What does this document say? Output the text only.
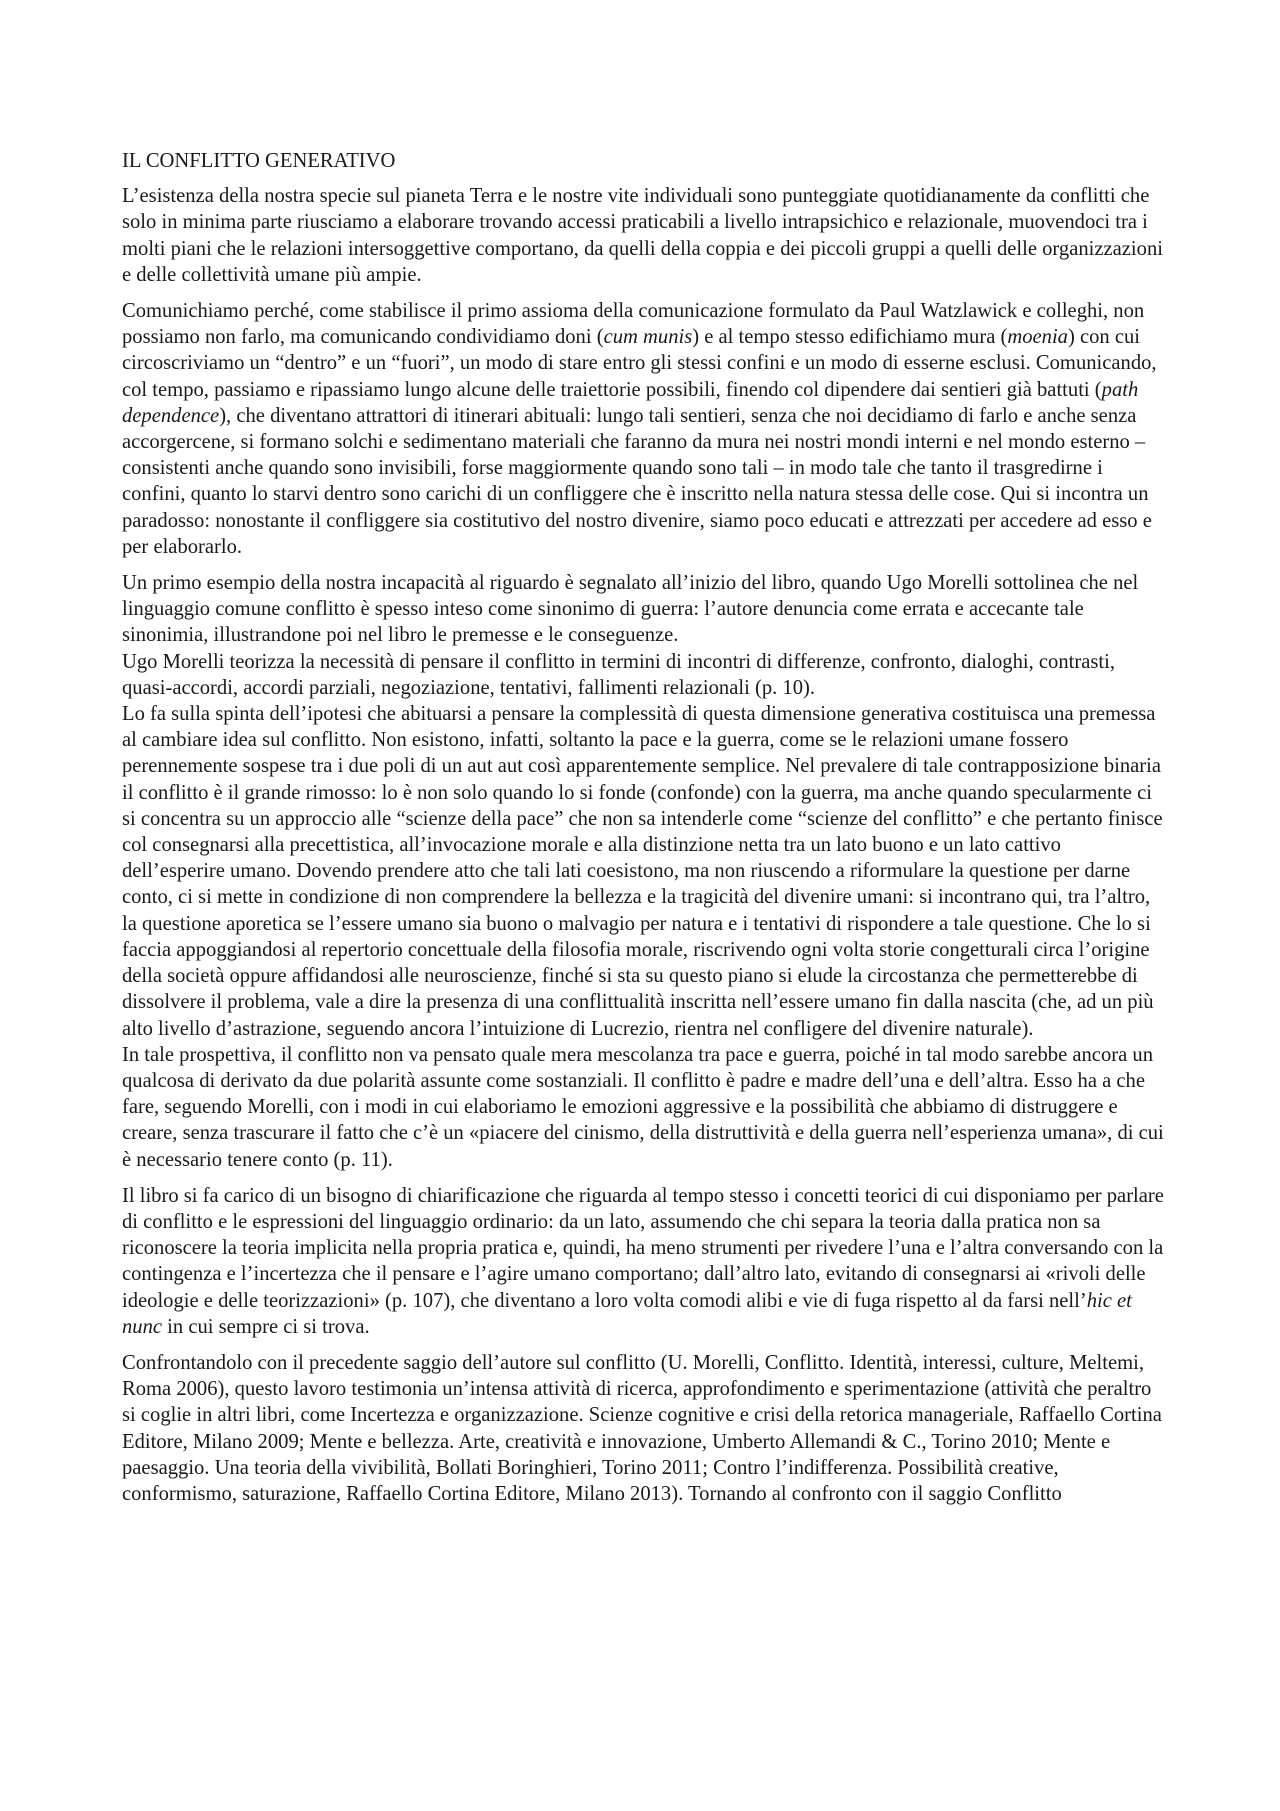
IL CONFLITTO GENERATIVO

L’esistenza della nostra specie sul pianeta Terra e le nostre vite individuali sono punteggiate quotidianamente da conflitti che solo in minima parte riusciamo a elaborare trovando accessi praticabili a livello intrapsichico e relazionale, muovendoci tra i molti piani che le relazioni intersoggettive comportano, da quelli della coppia e dei piccoli gruppi a quelli delle organizzazioni e delle collettività umane più ampie.

Comunichiamo perché, come stabilisce il primo assioma della comunicazione formulato da Paul Watzlawick e colleghi, non possiamo non farlo, ma comunicando condividiamo doni (cum munis) e al tempo stesso edifichiamo mura (moenia) con cui circoscriviamo un “dentro” e un “fuori”, un modo di stare entro gli stessi confini e un modo di esserne esclusi. Comunicando, col tempo, passiamo e ripassiamo lungo alcune delle traiettorie possibili, finendo col dipendere dai sentieri già battuti (path dependence), che diventano attrattori di itinerari abituali: lungo tali sentieri, senza che noi decidiamo di farlo e anche senza accorgercene, si formano solchi e sedimentano materiali che faranno da mura nei nostri mondi interni e nel mondo esterno – consistenti anche quando sono invisibili, forse maggiormente quando sono tali – in modo tale che tanto il trasgredirne i confini, quanto lo starvi dentro sono carichi di un confliggere che è inscritto nella natura stessa delle cose. Qui si incontra un paradosso: nonostante il confliggere sia costitutivo del nostro divenire, siamo poco educati e attrezzati per accedere ad esso e per elaborarlo.

Un primo esempio della nostra incapacità al riguardo è segnalato all’inizio del libro, quando Ugo Morelli sottolinea che nel linguaggio comune conflitto è spesso inteso come sinonimo di guerra: l’autore denuncia come errata e accecante tale sinonimia, illustrandone poi nel libro le premesse e le conseguenze.

Ugo Morelli teorizza la necessità di pensare il conflitto in termini di incontri di differenze, confronto, dialoghi, contrasti, quasi-accordi, accordi parziali, negoziazione, tentativi, fallimenti relazionali (p. 10).

Lo fa sulla spinta dell’ipotesi che abituarsi a pensare la complessità di questa dimensione generativa costituisca una premessa al cambiare idea sul conflitto. Non esistono, infatti, soltanto la pace e la guerra, come se le relazioni umane fossero perennemente sospese tra i due poli di un aut aut così apparentemente semplice. Nel prevalere di tale contrapposizione binaria il conflitto è il grande rimosso: lo è non solo quando lo si fonde (confonde) con la guerra, ma anche quando specularmente ci si concentra su un approccio alle “scienze della pace” che non sa intenderle come “scienze del conflitto” e che pertanto finisce col consegnarsi alla precettistica, all’invocazione morale e alla distinzione netta tra un lato buono e un lato cattivo dell’esperire umano. Dovendo prendere atto che tali lati coesistono, ma non riuscendo a riformulare la questione per darne conto, ci si mette in condizione di non comprendere la bellezza e la tragicità del divenire umani: si incontrano qui, tra l’altro, la questione aporetica se l’essere umano sia buono o malvagio per natura e i tentativi di rispondere a tale questione. Che lo si faccia appoggiandosi al repertorio concettuale della filosofia morale, riscrivendo ogni volta storie congetturali circa l’origine della società oppure affidandosi alle neuroscienze, finché si sta su questo piano si elude la circostanza che permetterebbe di dissolvere il problema, vale a dire la presenza di una conflittualità inscritta nell’essere umano fin dalla nascita (che, ad un più alto livello d’astrazione, seguendo ancora l’intuizione di Lucrezio, rientra nel confligere del divenire naturale).

In tale prospettiva, il conflitto non va pensato quale mera mescolanza tra pace e guerra, poiché in tal modo sarebbe ancora un qualcosa di derivato da due polarità assunte come sostanziali. Il conflitto è padre e madre dell’una e dell’altra. Esso ha a che fare, seguendo Morelli, con i modi in cui elaboriamo le emozioni aggressive e la possibilità che abbiamo di distruggere e creare, senza trascurare il fatto che c’è un «piacere del cinismo, della distruttività e della guerra nell’esperienza umana», di cui è necessario tenere conto (p. 11).

Il libro si fa carico di un bisogno di chiarificazione che riguarda al tempo stesso i concetti teorici di cui disponiamo per parlare di conflitto e le espressioni del linguaggio ordinario: da un lato, assumendo che chi separa la teoria dalla pratica non sa riconoscere la teoria implicita nella propria pratica e, quindi, ha meno strumenti per rivedere l’una e l’altra conversando con la contingenza e l’incertezza che il pensare e l’agire umano comportano; dall’altro lato, evitando di consegnarsi ai «rivoli delle ideologie e delle teorizzazioni» (p. 107), che diventano a loro volta comodi alibi e vie di fuga rispetto al da farsi nell’hic et nunc in cui sempre ci si trova.

Confrontandolo con il precedente saggio dell’autore sul conflitto (U. Morelli, Conflitto. Identità, interessi, culture, Meltemi, Roma 2006), questo lavoro testimonia un’intensa attività di ricerca, approfondimento e sperimentazione (attività che peraltro si coglie in altri libri, come Incertezza e organizzazione. Scienze cognitive e crisi della retorica manageriale, Raffaello Cortina Editore, Milano 2009; Mente e bellezza. Arte, creatività e innovazione, Umberto Allemandi & C., Torino 2010; Mente e paesaggio. Una teoria della vivibilità, Bollati Boringhieri, Torino 2011; Contro l’indifferenza. Possibilità creative, conformismo, saturazione, Raffaello Cortina Editore, Milano 2013). Tornando al confronto con il saggio Conflitto
